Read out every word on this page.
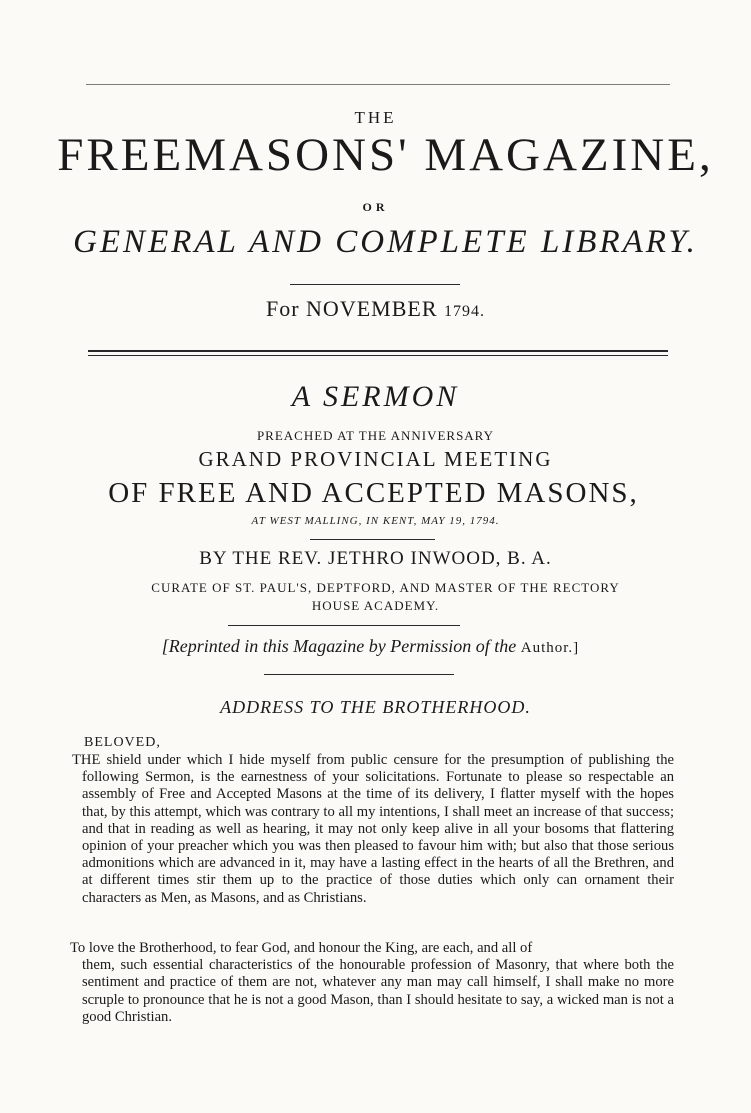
THE
FREEMASONS' MAGAZINE,
OR
GENERAL AND COMPLETE LIBRARY.
For NOVEMBER 1794.
A SERMON
PREACHED AT THE ANNIVERSARY
GRAND PROVINCIAL MEETING
OF FREE AND ACCEPTED MASONS,
AT WEST MALLING, IN KENT, MAY 19, 1794.
BY THE REV. JETHRO INWOOD, B. A.
CURATE OF ST. PAUL'S, DEPTFORD, AND MASTER OF THE RECTORY
HOUSE ACADEMY.
[Reprinted in this Magazine by Permission of the Author.]
ADDRESS TO THE BROTHERHOOD.
BELOVED,
THE shield under which I hide myself from public censure for the presumption of publishing the following Sermon, is the earnestness of your solicitations. Fortunate to please so respectable an assembly of Free and Accepted Masons at the time of its delivery, I flatter myself with the hopes that, by this attempt, which was contrary to all my intentions, I shall meet an increase of that success; and that in reading as well as hearing, it may not only keep alive in all your bosoms that flattering opinion of your preacher which you was then pleased to favour him with; but also that those serious admonitions which are advanced in it, may have a lasting effect in the hearts of all the Brethren, and at different times stir them up to the practice of those duties which only can ornament their characters as Men, as Masons, and as Christians.
To love the Brotherhood, to fear God, and honour the King, are each, and all of
them, such essential characteristics of the honourable profession of Masonry, that where both the sentiment and practice of them are not, whatever any man may call himself, I shall make no more scruple to pronounce that he is not a good Mason, than I should hesitate to say, a wicked man is not a good Christian.
